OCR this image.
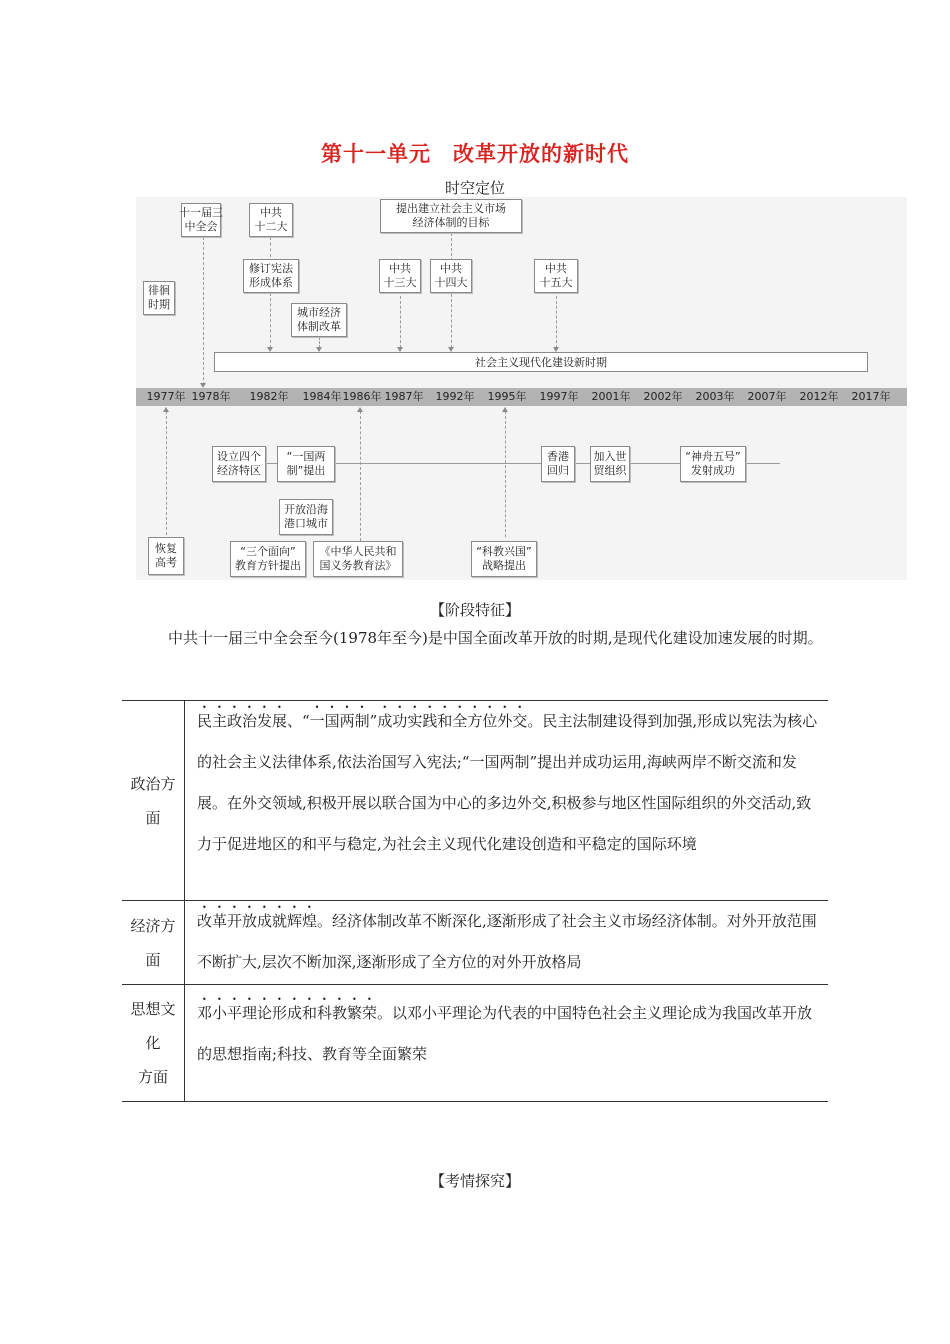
第十一单元　改革开放的新时代
时空定位
徘徊
时期
十一届三
中全会
中共
十二大
修订宪法
形成体系
城市经济
体制改革
提出建立社会主义市场
经济体制的目标
中共
十三大
中共
十四大
中共
十五大
社会主义现代化建设新时期
1977年 1978年 1982年 1984年 1986年 1987年 1992年 1995年 1997年 2001年 2002年 2003年 2007年 2012年 2017年
设立四个
经济特区
“一国两
制”提出
开放沿海
港口城市
恢复
高考
“三个面向”
教育方针提出
《中华人民共和
国义务教育法》
香港
回归
加入世
贸组织
“科教兴国”
战略提出
“神舟五号”
发射成功
【阶段特征】
中共十一届三中全会至今(1978年至今)是中国全面改革开放的时期,是现代化建设加速发展的时期。
政治方
面	民主政治发展、“一国两制”成功实践和全方位外交。民主法制建设得到加强,形成以宪法为核心的社会主义法律体系,依法治国写入宪法;“一国两制”提出并成功运用,海峡两岸不断交流和发展。在外交领域,积极开展以联合国为中心的多边外交,积极参与地区性国际组织的外交活动,致力于促进地区的和平与稳定,为社会主义现代化建设创造和平稳定的国际环境

经济方
面	改革开放成就辉煌。经济体制改革不断深化,逐渐形成了社会主义市场经济体制。对外开放范围不断扩大,层次不断加深,逐渐形成了全方位的对外开放格局

思想文
化
方面	邓小平理论形成和科教繁荣。以邓小平理论为代表的中国特色社会主义理论成为我国改革开放的思想指南;科技、教育等全面繁荣
【考情探究】
